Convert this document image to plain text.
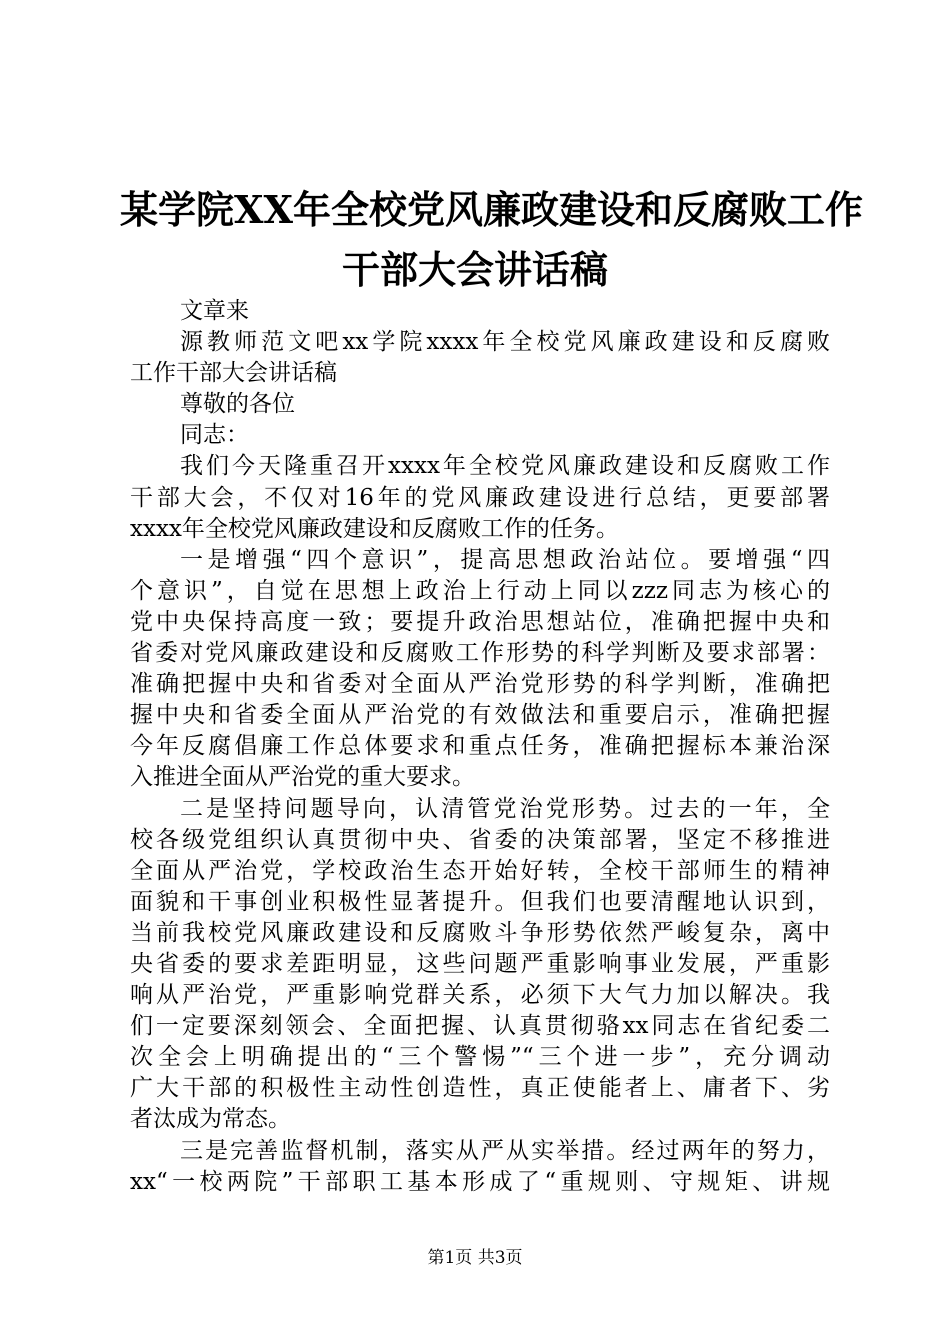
某学院XX年全校党风廉政建设和反腐败工作
干部大会讲话稿
文章来
源教师范文吧xx学院xxxx年全校党风廉政建设和反腐败
工作干部大会讲话稿
尊敬的各位
同志：
我们今天隆重召开xxxx年全校党风廉政建设和反腐败工作
干部大会，不仅对16年的党风廉政建设进行总结，更要部署
xxxx年全校党风廉政建设和反腐败工作的任务。
一是增强“四个意识”，提高思想政治站位。要增强“四
个意识”，自觉在思想上政治上行动上同以zzz同志为核心的
党中央保持高度一致；要提升政治思想站位，准确把握中央和
省委对党风廉政建设和反腐败工作形势的科学判断及要求部署：
准确把握中央和省委对全面从严治党形势的科学判断，准确把
握中央和省委全面从严治党的有效做法和重要启示，准确把握
今年反腐倡廉工作总体要求和重点任务，准确把握标本兼治深
入推进全面从严治党的重大要求。
二是坚持问题导向，认清管党治党形势。过去的一年，全
校各级党组织认真贯彻中央、省委的决策部署，坚定不移推进
全面从严治党，学校政治生态开始好转，全校干部师生的精神
面貌和干事创业积极性显著提升。但我们也要清醒地认识到，
当前我校党风廉政建设和反腐败斗争形势依然严峻复杂，离中
央省委的要求差距明显，这些问题严重影响事业发展，严重影
响从严治党，严重影响党群关系，必须下大气力加以解决。我
们一定要深刻领会、全面把握、认真贯彻骆xx同志在省纪委二
次全会上明确提出的“三个警惕”“三个进一步”，充分调动
广大干部的积极性主动性创造性，真正使能者上、庸者下、劣
者汰成为常态。
三是完善监督机制，落实从严从实举措。经过两年的努力，
xx“一校两院”干部职工基本形成了“重规则、守规矩、讲规
第1页 共3页
